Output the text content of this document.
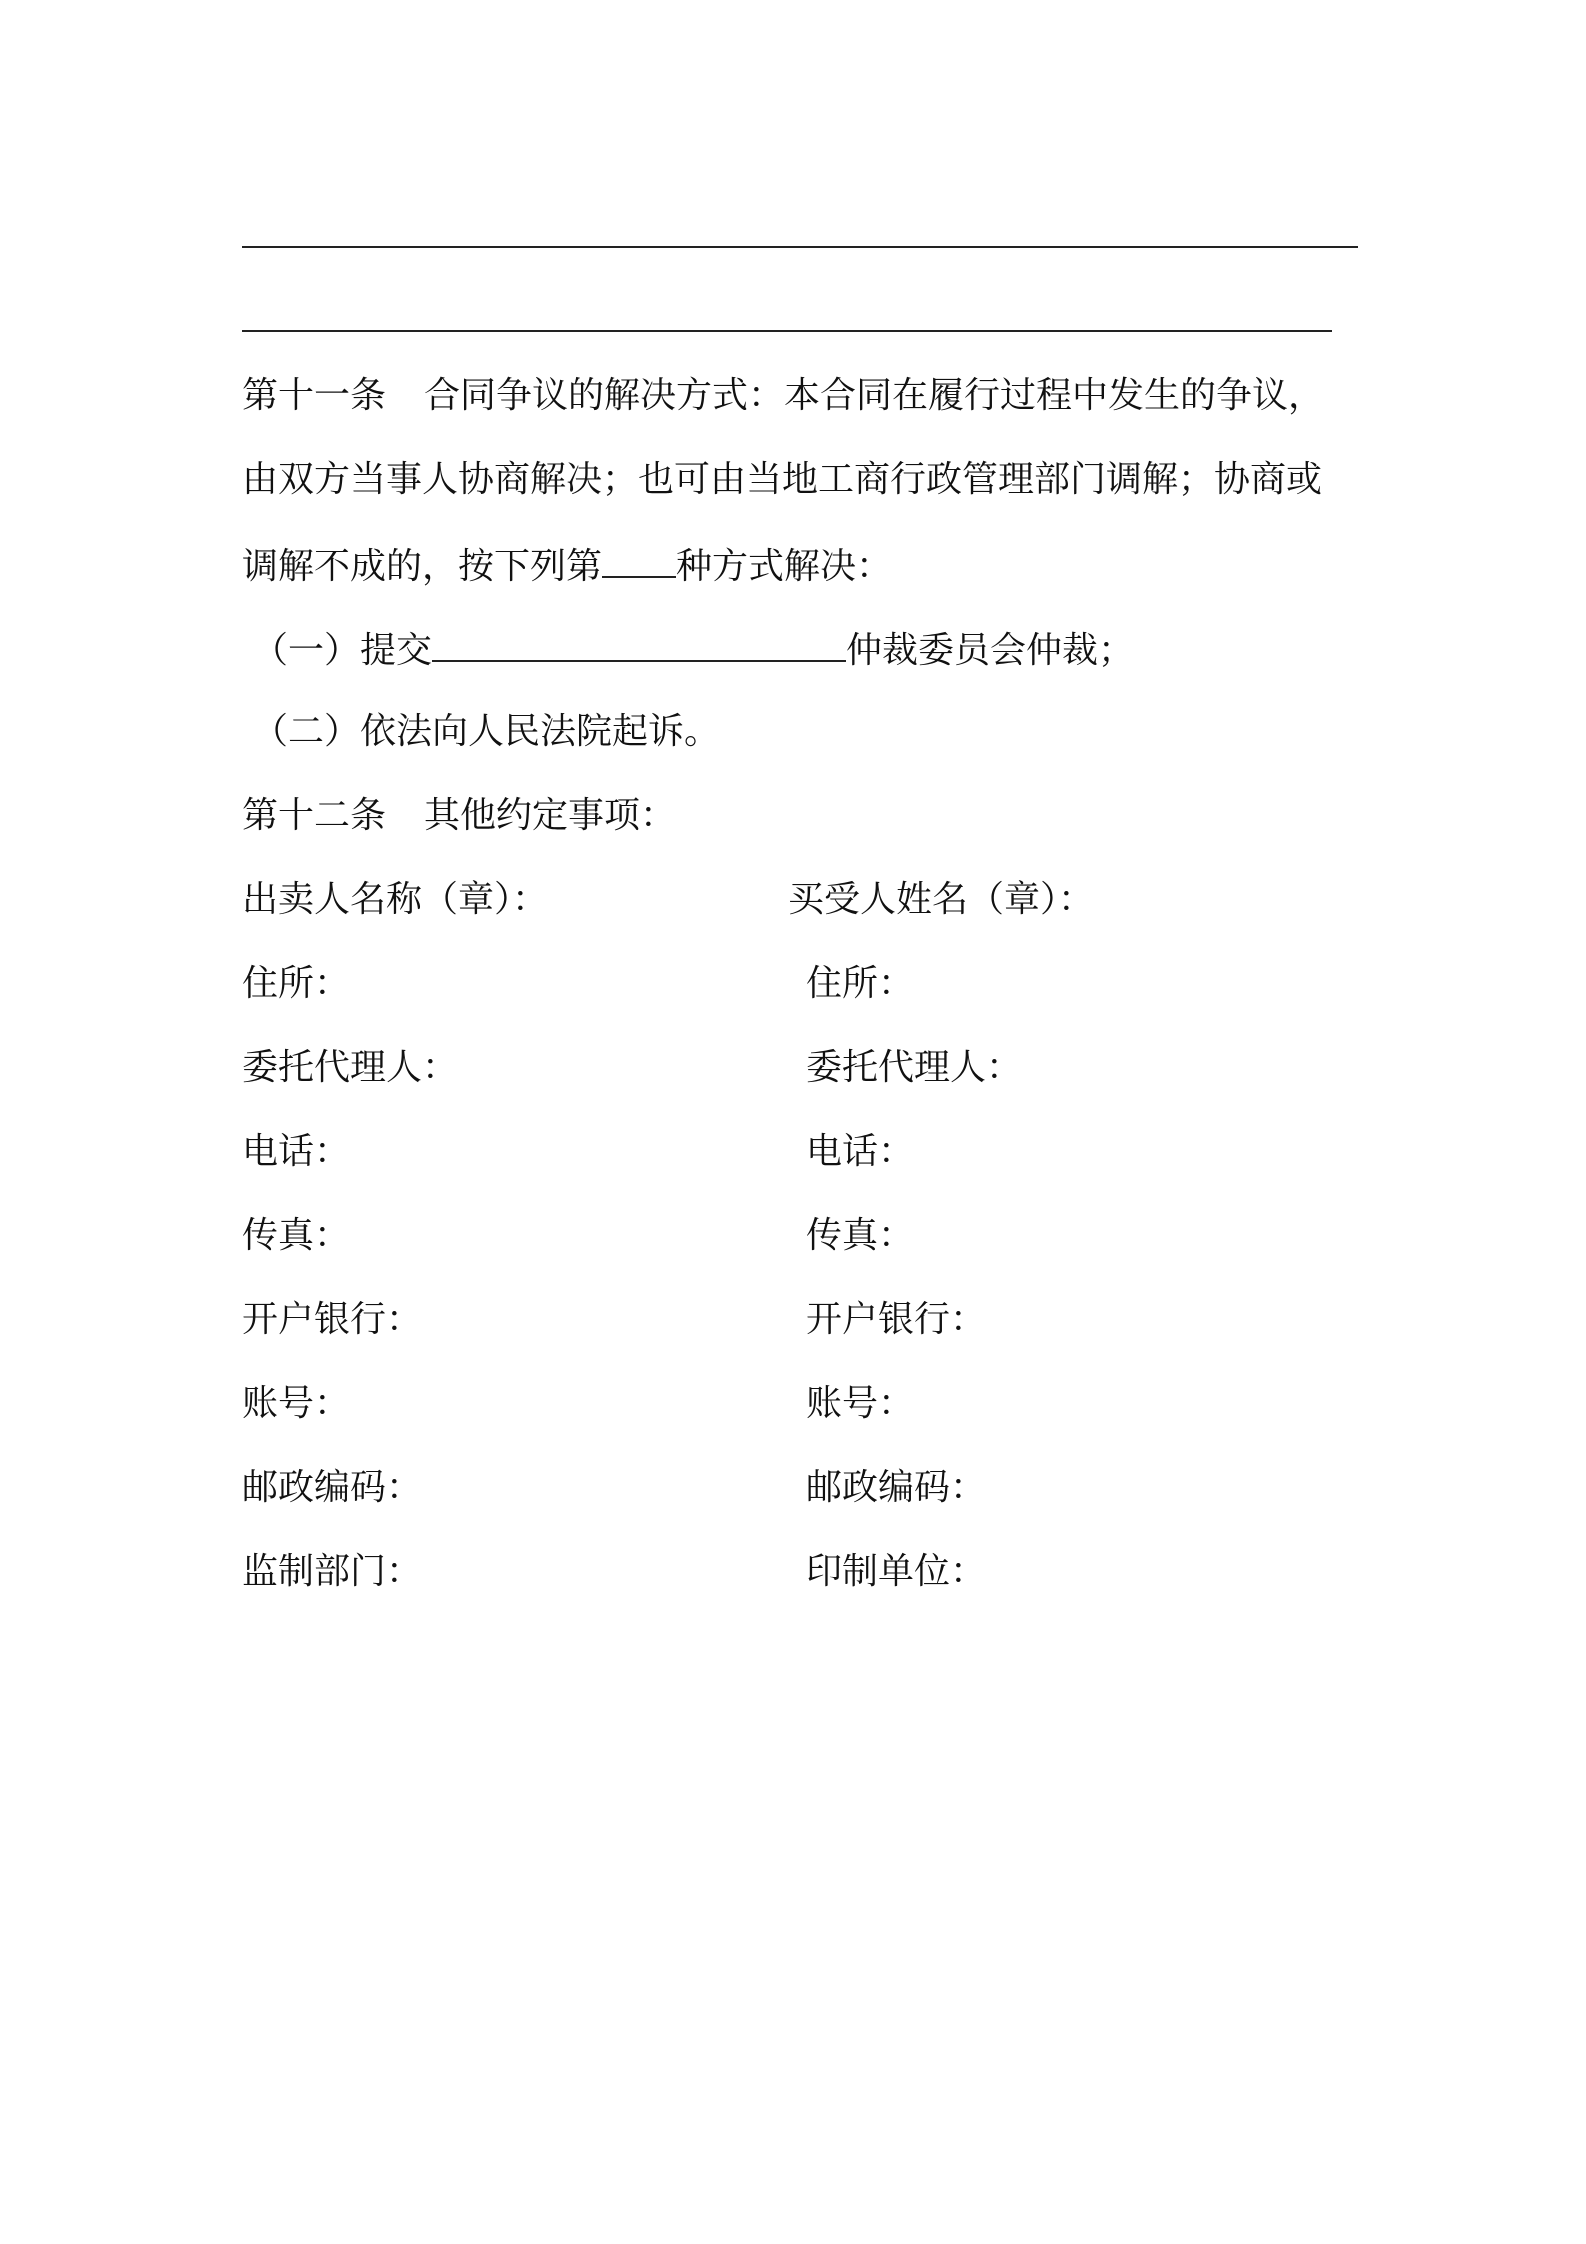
第十一条 合同争议的解决方式：本合同在履行过程中发生的争议，
由双方当事人协商解决；也可由当地工商行政管理部门调解；协商或
调解不成的，按下列第 种方式解决：
（一）提交	仲裁委员会仲裁；
（二）依法向人民法院起诉。
第十二条 其他约定事项：
出卖人名称（章）：
住所：
委托代理人：
电话：
传真：
开户银行：
账号：
邮政编码：
监制部门：
买受人姓名（章）：
住所：
委托代理人：
电话：
传真：
开户银行：
账号：
邮政编码：
印制单位：
